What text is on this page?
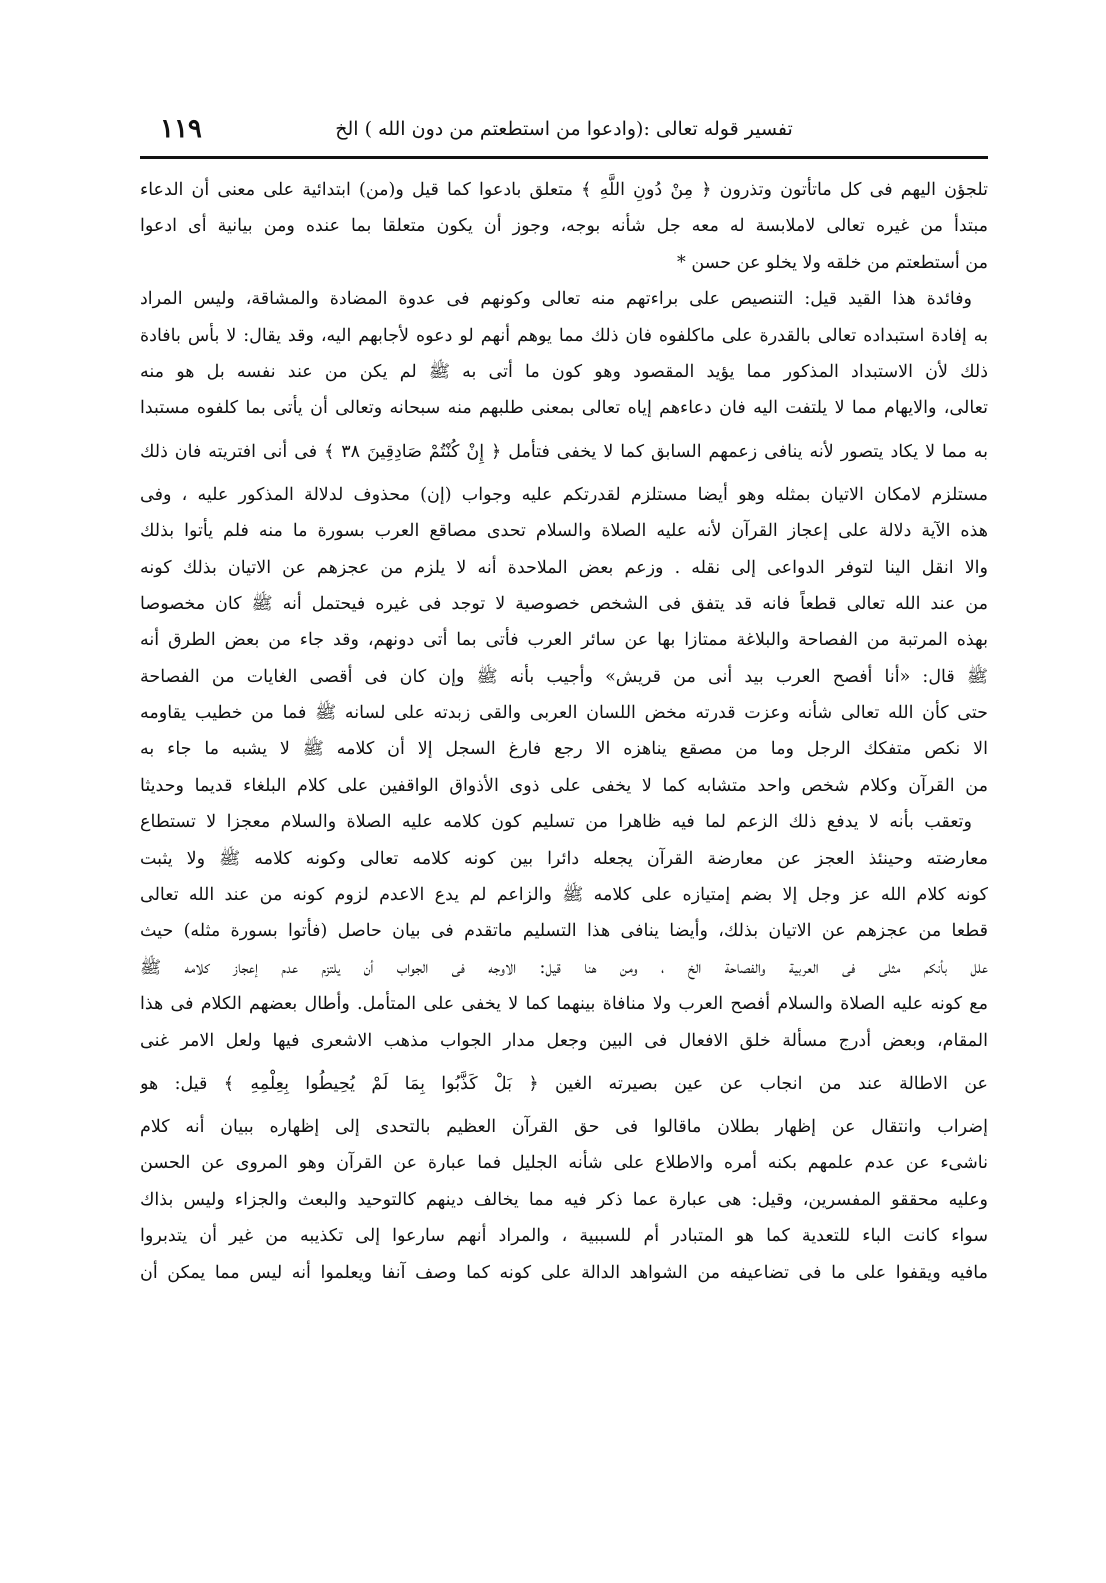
١١٩	تفسير قوله تعالى :(وادعوا من استطعتم من دون الله ) الخ
تلجؤن اليهم فى كل ماتأتون وتذرون ﴿ مِنْ دُونِ اللَّهِ ﴾ متعلق بادعوا كما قيل و(من) ابتدائية على معنى أن الدعاء
مبتدأ من غيره تعالى لاملابسة له معه جل شأنه بوجه، وجوز أن يكون متعلقا بما عنده ومن بيانية أى ادعوا
من أستطعتم من خلقه ولا يخلو عن حسن *
وفائدة هذا القيد قيل: التنصيص على براءتهم منه تعالى وكونهم فى عدوة المضادة والمشاقة، وليس المراد
به إفادة استبداده تعالى بالقدرة على ماكلفوه فان ذلك مما يوهم أنهم لو دعوه لأجابهم اليه، وقد يقال: لا بأس بافادة
ذلك لأن الاستبداد المذكور مما يؤيد المقصود وهو كون ما أتى به ﷺ لم يكن من عند نفسه بل هو منه
تعالى، والايهام مما لا يلتفت اليه فان دعاءهم إياه تعالى بمعنى طلبهم منه سبحانه وتعالى أن يأتى بما كلفوه مستبدا
به مما لا يكاد يتصور لأنه ينافى زعمهم السابق كما لا يخفى فتأمل ﴿ إِنْ كُنْتُمْ صَادِقِينَ ٣٨ ﴾ فى أنى افتريته فان ذلك
مستلزم لامكان الاتيان بمثله وهو أيضا مستلزم لقدرتكم عليه وجواب (إن) محذوف لدلالة المذكور عليه ، وفى
هذه الآية دلالة على إعجاز القرآن لأنه عليه الصلاة والسلام تحدى مصاقع العرب بسورة ما منه فلم يأتوا بذلك
والا انقل الينا لتوفر الدواعى إلى نقله . وزعم بعض الملاحدة أنه لا يلزم من عجزهم عن الاتيان بذلك كونه
من عند الله تعالى قطعاً فانه قد يتفق فى الشخص خصوصية لا توجد فى غيره فيحتمل أنه ﷺ كان مخصوصا
بهذه المرتبة من الفصاحة والبلاغة ممتازا بها عن سائر العرب فأتى بما أتى دونهم، وقد جاء من بعض الطرق أنه
ﷺ قال: «أنا أفصح العرب بيد أنى من قريش» وأجيب بأنه ﷺ وإن كان فى أقصى الغايات من الفصاحة
حتى كأن الله تعالى شأنه وعزت قدرته مخض اللسان العربى والقى زبدته على لسانه ﷺ فما من خطيب يقاومه
الا نكص متفكك الرجل وما من مصقع يناهزه الا رجع فارغ السجل إلا أن كلامه ﷺ لا يشبه ما جاء به
من القرآن وكلام شخص واحد متشابه كما لا يخفى على ذوى الأذواق الواقفين على كلام البلغاء قديما وحديثا
وتعقب بأنه لا يدفع ذلك الزعم لما فيه ظاهرا من تسليم كون كلامه عليه الصلاة والسلام معجزا لا تستطاع
معارضته وحينئذ العجز عن معارضة القرآن يجعله دائرا بين كونه كلامه تعالى وكونه كلامه ﷺ ولا يثبت
كونه كلام الله عز وجل إلا بضم إمتيازه على كلامه ﷺ والزاعم لم يدع الاعدم لزوم كونه من عند الله تعالى
قطعا من عجزهم عن الاتيان بذلك، وأيضا ينافى هذا التسليم ماتقدم فى بيان حاصل (فأتوا بسورة مثله) حيث
علل بأنكم مثلى فى العربية والفصاحة الخ ، ومن هنا قيل: الاوجه فى الجواب أن يلتزم عدم إعجاز كلامه ﷺ
مع كونه عليه الصلاة والسلام أفصح العرب ولا منافاة بينهما كما لا يخفى على المتأمل. وأطال بعضهم الكلام فى هذا
المقام، وبعض أدرج مسألة خلق الافعال فى البين وجعل مدار الجواب مذهب الاشعرى فيها ولعل الامر غنى
عن الاطالة عند من انجاب عن عين بصيرته الغين ﴿ بَلْ كَذَّبُوا بِمَا لَمْ يُحِيطُوا بِعِلْمِهِ ﴾ قيل: هو
إضراب وانتقال عن إظهار بطلان ماقالوا فى حق القرآن العظيم بالتحدى إلى إظهاره ببيان أنه كلام
ناشىء عن عدم علمهم بكنه أمره والاطلاع على شأنه الجليل فما عبارة عن القرآن وهو المروى عن الحسن
وعليه محققو المفسرين، وقيل: هى عبارة عما ذكر فيه مما يخالف دينهم كالتوحيد والبعث والجزاء وليس بذاك
سواء كانت الباء للتعدية كما هو المتبادر أم للسببية ، والمراد أنهم سارعوا إلى تكذيبه من غير أن يتدبروا
مافيه ويقفوا على ما فى تضاعيفه من الشواهد الدالة على كونه كما وصف آنفا ويعلموا أنه ليس مما يمكن أن
